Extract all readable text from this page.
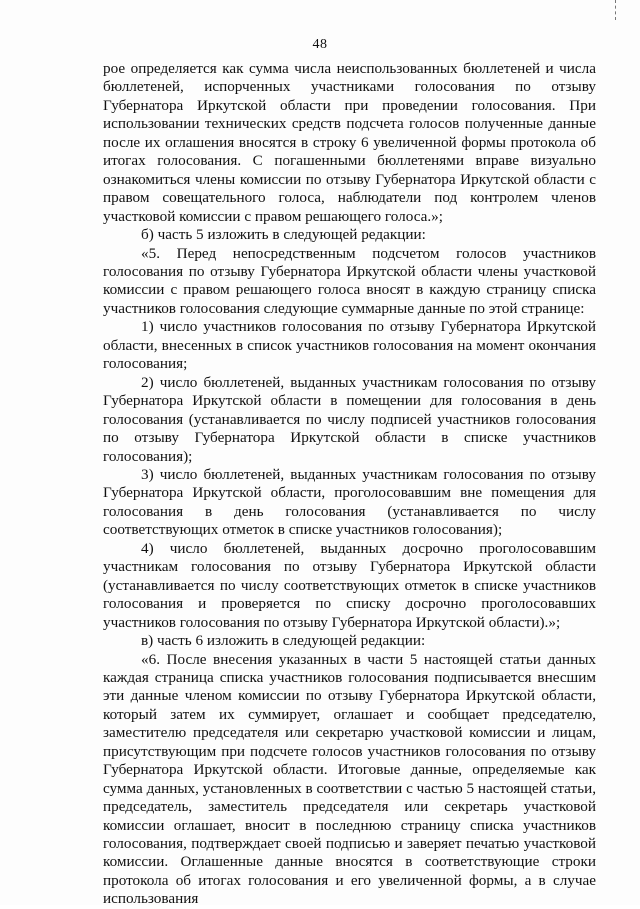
48

рое определяется как сумма числа неиспользованных бюллетеней и числа бюллетеней, испорченных участниками голосования по отзыву Губернатора Иркутской области при проведении голосования. При использовании технических средств подсчета голосов полученные данные после их оглашения вносятся в строку 6 увеличенной формы протокола об итогах голосования. С погашенными бюллетенями вправе визуально ознакомиться члены комиссии по отзыву Губернатора Иркутской области с правом совещательного голоса, наблюдатели под контролем членов участковой комиссии с правом решающего голоса.»;

б) часть 5 изложить в следующей редакции:

«5. Перед непосредственным подсчетом голосов участников голосования по отзыву Губернатора Иркутской области члены участковой комиссии с правом решающего голоса вносят в каждую страницу списка участников голосования следующие суммарные данные по этой странице:

1) число участников голосования по отзыву Губернатора Иркутской области, внесенных в список участников голосования на момент окончания голосования;

2) число бюллетеней, выданных участникам голосования по отзыву Губернатора Иркутской области в помещении для голосования в день голосования (устанавливается по числу подписей участников голосования по отзыву Губернатора Иркутской области в списке участников голосования);

3) число бюллетеней, выданных участникам голосования по отзыву Губернатора Иркутской области, проголосовавшим вне помещения для голосования в день голосования (устанавливается по числу соответствующих отметок в списке участников голосования);

4) число бюллетеней, выданных досрочно проголосовавшим участникам голосования по отзыву Губернатора Иркутской области (устанавливается по числу соответствующих отметок в списке участников голосования и проверяется по списку досрочно проголосовавших участников голосования по отзыву Губернатора Иркутской области).»;

в) часть 6 изложить в следующей редакции:

«6. После внесения указанных в части 5 настоящей статьи данных каждая страница списка участников голосования подписывается внесшим эти данные членом комиссии по отзыву Губернатора Иркутской области, который затем их суммирует, оглашает и сообщает председателю, заместителю председателя или секретарю участковой комиссии и лицам, присутствующим при подсчете голосов участников голосования по отзыву Губернатора Иркутской области. Итоговые данные, определяемые как сумма данных, установленных в соответствии с частью 5 настоящей статьи, председатель, заместитель председателя или секретарь участковой комиссии оглашает, вносит в последнюю страницу списка участников голосования, подтверждает своей подписью и заверяет печатью участковой комиссии. Оглашенные данные вносятся в соответствующие строки протокола об итогах голосования и его увеличенной формы, а в случае использования
